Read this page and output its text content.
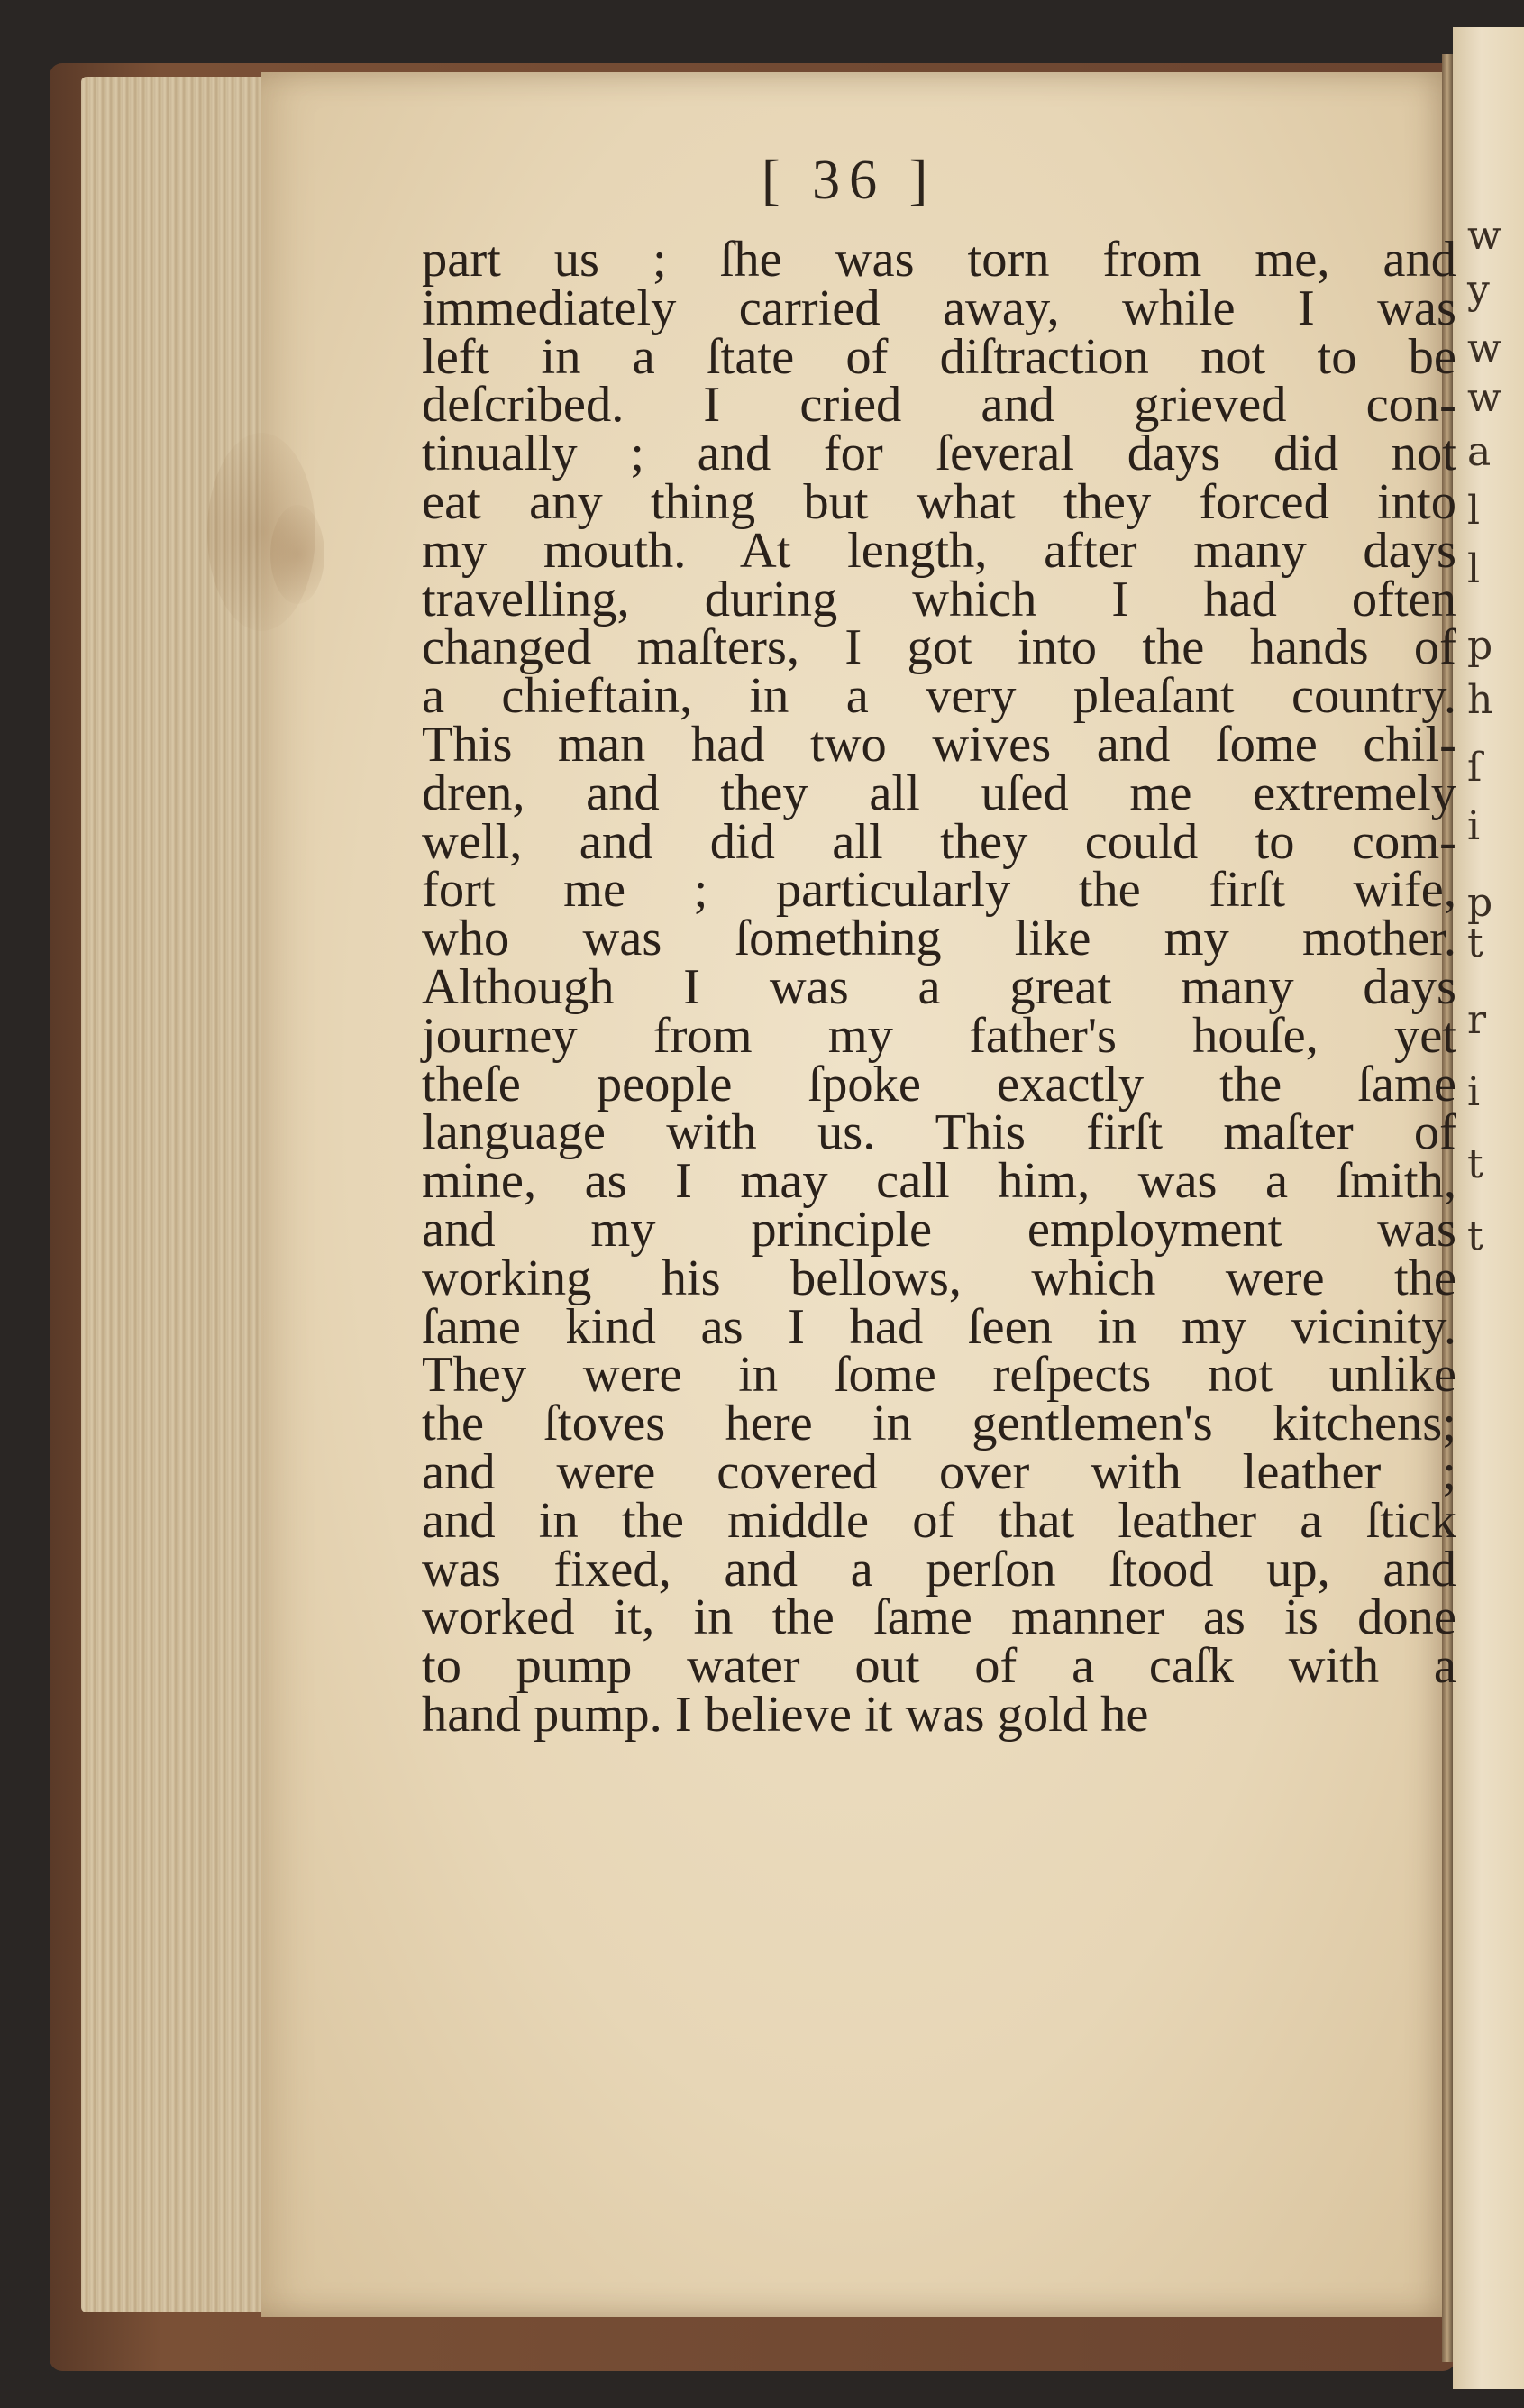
w
y
w
w
a
l
l
p
h
ſ
i
p
t
r
i
t
t
[ 36 ]
part us ; ſhe was torn from me, and
immediately carried away, while I was
left in a ſtate of diſtraction not to be
deſcribed. I cried and grieved con-
tinually ; and for ſeveral days did not
eat any thing but what they forced into
my mouth. At length, after many days
travelling, during which I had often
changed maſters, I got into the hands of
a chieftain, in a very pleaſant country.
This man had two wives and ſome chil-
dren, and they all uſed me extremely
well, and did all they could to com-
fort me ; particularly the firſt wife,
who was ſomething like my mother.
Although I was a great many days
journey from my father's houſe, yet
theſe people ſpoke exactly the ſame
language with us. This firſt maſter of
mine, as I may call him, was a ſmith,
and my principle employment was
working his bellows, which were the
ſame kind as I had ſeen in my vicinity.
They were in ſome reſpects not unlike
the ſtoves here in gentlemen's kitchens;
and were covered over with leather ;
and in the middle of that leather a ſtick
was fixed, and a perſon ſtood up, and
worked it, in the ſame manner as is done
to pump water out of a caſk with a
hand pump. I believe it was gold he
